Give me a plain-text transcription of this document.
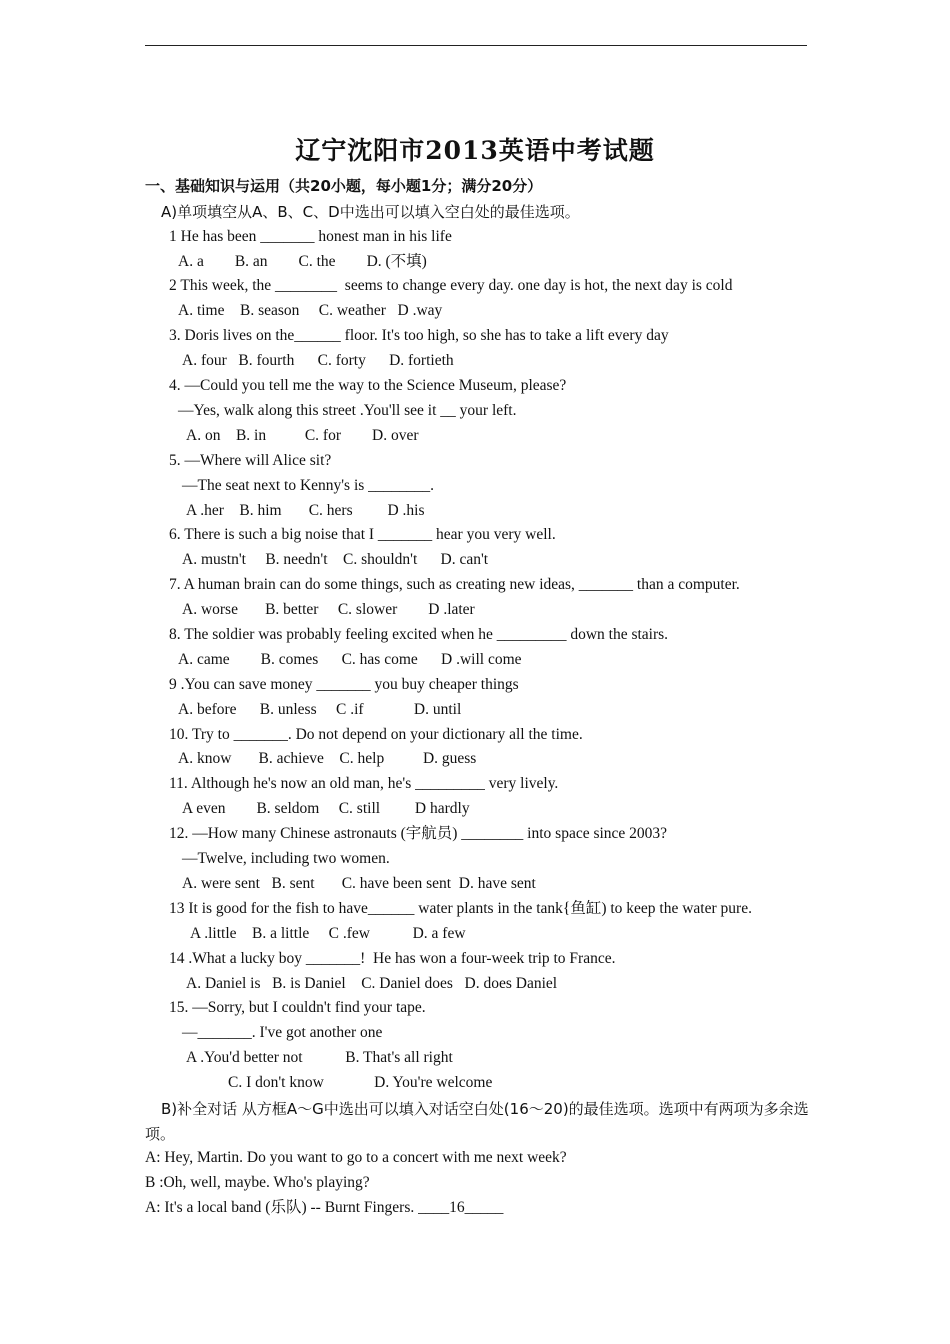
辽宁沈阳市2013英语中考试题
一、基础知识与运用（共20小题，每小题1分；满分20分）
A)单项填空从A、B、C、D中选出可以填入空白处的最佳选项。
1 He has been _______ honest man in his life
A. a        B. an        C. the        D. (不填)
2 This week, the ________  seems to change every day. one day is hot, the next day is cold
A. time    B. season     C. weather   D .way
3. Doris lives on the______ floor. It's too high, so she has to take a lift every day
A. four   B. fourth      C. forty      D. fortieth
4. —Could you tell me the way to the Science Museum, please?
—Yes, walk along this street .You'll see it __ your left.
A. on    B. in          C. for        D. over
5. —Where will Alice sit?
—The seat next to Kenny's is ________.
A .her    B. him       C. hers         D .his
6. There is such a big noise that I _______ hear you very well.
A. mustn't     B. needn't    C. shouldn't      D. can't
7. A human brain can do some things, such as creating new ideas, _______ than a computer.
A. worse       B. better     C. slower        D .later
8. The soldier was probably feeling excited when he _________ down the stairs.
A. came        B. comes      C. has come      D .will come
9 .You can save money _______ you buy cheaper things
A. before      B. unless     C .if             D. until
10. Try to _______. Do not depend on your dictionary all the time.
A. know       B. achieve    C. help          D. guess
11. Although he's now an old man, he's _________ very lively.
A even        B. seldom     C. still         D hardly
12. —How many Chinese astronauts (宇航员) ________ into space since 2003?
—Twelve, including two women.
A. were sent   B. sent       C. have been sent  D. have sent
13 It is good for the fish to have______ water plants in the tank{鱼缸) to keep the water pure.
A .little    B. a little     C .few           D. a few
14 .What a lucky boy _______!  He has won a four-week trip to France.
A. Daniel is   B. is Daniel    C. Daniel does   D. does Daniel
15. —Sorry, but I couldn't find your tape.
—_______. I've got another one
A .You'd better not           B. That's all right
C. I don't know             D. You're welcome
B)补全对话 从方框A～G中选出可以填入对话空白处(16～20)的最佳选项。选项中有两项为多余选项。
A: Hey, Martin. Do you want to go to a concert with me next week?
B :Oh, well, maybe. Who's playing?
A: It's a local band (乐队) -- Burnt Fingers. ____16_____
